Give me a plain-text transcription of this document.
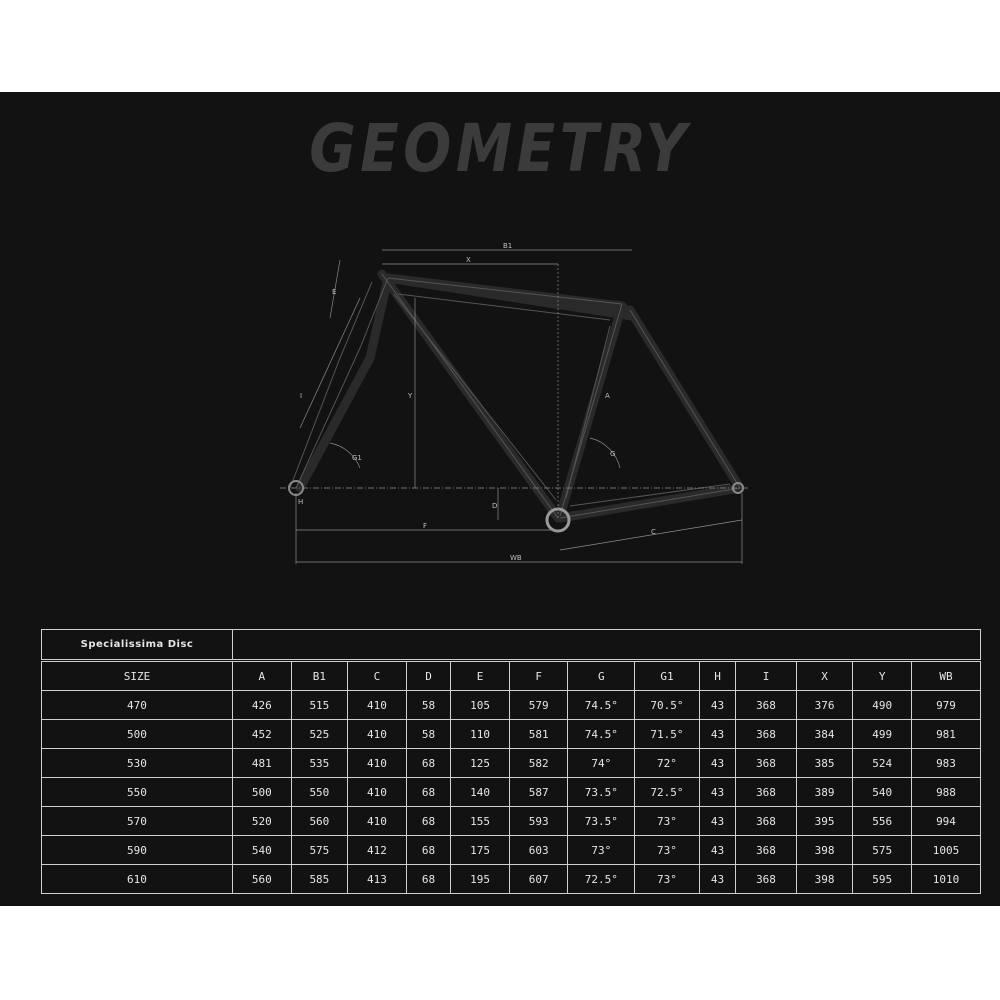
GEOMETRY
B1
X
E
I	Y	A
G1	G
D
H
F
C
WB
Specialissima Disc													

SIZE	A	B1	C	D	E	F	G	G1	H	I	X	Y	WB
470	426	515	410	58	105	579	74.5°	70.5°	43	368	376	490	979
500	452	525	410	58	110	581	74.5°	71.5°	43	368	384	499	981
530	481	535	410	68	125	582	74°	72°	43	368	385	524	983
550	500	550	410	68	140	587	73.5°	72.5°	43	368	389	540	988
570	520	560	410	68	155	593	73.5°	73°	43	368	395	556	994
590	540	575	412	68	175	603	73°	73°	43	368	398	575	1005
610	560	585	413	68	195	607	72.5°	73°	43	368	398	595	1010
